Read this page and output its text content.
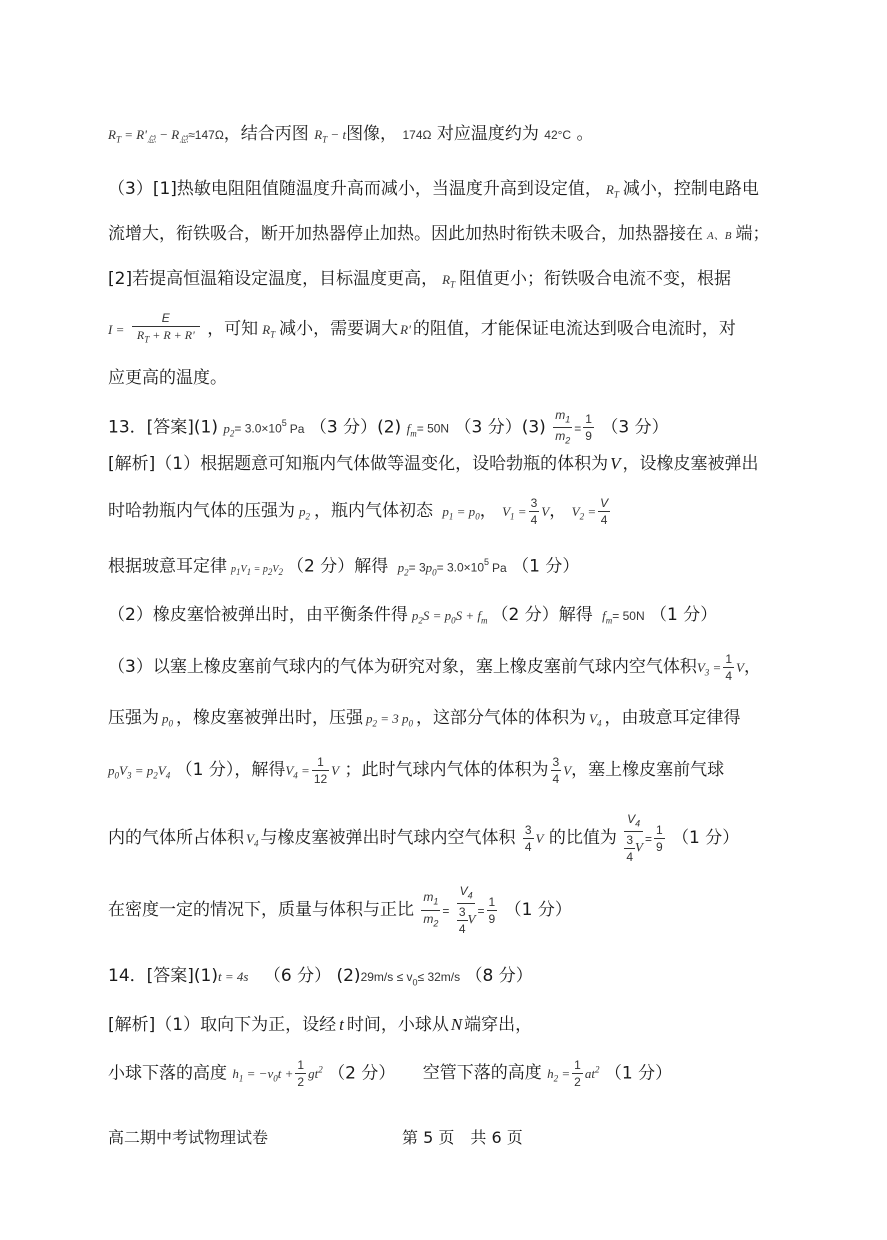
$R_T = R'_总 - R_总\approx 147\Omega$，结合丙图 $R_T - t$图像， 174Ω 对应温度约为 42°C 。
（3）[1]热敏电阻阻值随温度升高而减小，当温度升高到设定值， $R_T$ 减小，控制电路电
流增大，衔铁吸合，断开加热器停止加热。因此加热时衔铁未吸合，加热器接在 A、B 端；
[2]若提高恒温箱设定温度，目标温度更高， $R_T$ 阻值更小；衔铁吸合电流不变，根据
$I = \frac{E}{R_T + R + R'}$ ，可知 $R_T$ 减小，需要调大 R' 的阻值，才能保证电流达到吸合电流时，对
应更高的温度。
13．[答案](1) $p_2= 3.0\times 10^5$ Pa （3 分）(2) $f_m= 50N$ （3 分）$(3) \frac{m_1}{m_2} = \frac{1}{9} (3$ 分）
[解析]（1）根据题意可知瓶内气体做等温变化，设哈勃瓶的体积为 V ，设橡皮塞被弹出
时哈勃瓶内气体的压强为 $p_2$ ，瓶内气体初态 $p_1 = p_0$， $V_1 = \frac{3}{4}$ V， $V_2 = \frac{V}{4}$
根据玻意耳定律 $p_1V_1 = p_2V_2$ （2 分）解得 $p_2= 3p_0= 3.0\times 10^5$ Pa （1 分）
（2）橡皮塞恰被弹出时，由平衡条件得 $p_2S = p_0S + f_m$ （2 分）解得 $f_m= 50N$ （1 分）
（3）以塞上橡皮塞前气球内的气体为研究对象，塞上橡皮塞前气球内空气体积$V_3 = \frac{1}{4}$ V，
压强为 $p_0$ ，橡皮塞被弹出时，压强 $p_2 = 3$ $p_0$ ，这部分气体的体积为 $V_4$ ，由玻意耳定律得
$p_0V_3 = p_2V_4$ （1 分），解得$V_4 = \frac{1}{12}$ V ；此时气球内气体的体积为 $\frac{3}{4}$ V，塞上橡皮塞前气球
内的气体所占体积 $V_4$ 与橡皮塞被弹出时气球内空气体积 $\frac{3}{4}$ V 的比值为 $\frac{V_4}{\frac{3}{4} V} = \frac{1}{9} (1$ 分）
在密度一定的情况下，质量与体积与正比 $\frac{m_1}{m_2} = \frac{V_4}{\frac{3}{4} V} = \frac{1}{9} (1$ 分）
14．[答案](1)t = 4s （6 分） $(2)29m/s \le v_0\le 32m/s$ （8 分）
[解析]（1）取向下为正，设经 t 时间，小球从 N 端穿出，
小球下落的高度 $h_1 = -v_0t + \frac{1}{2} gt^2$ （2 分） 空管下落的高度 $h_2 = \frac{1}{2} at^2$ （1 分）
高二期中考试物理试卷	第 5 页　共 6 页
